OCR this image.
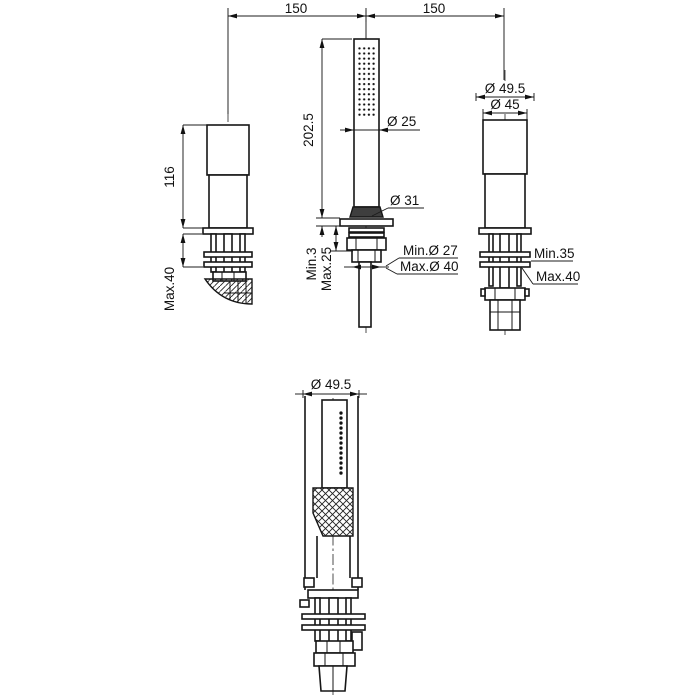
150	150
116
Max.40
202.5
Min.3 Max.25
Ø 25
Ø 31
Min.Ø 27
Max.Ø 40
Ø 49.5
Ø 45
Min.35
Max.40
Ø 49.5
